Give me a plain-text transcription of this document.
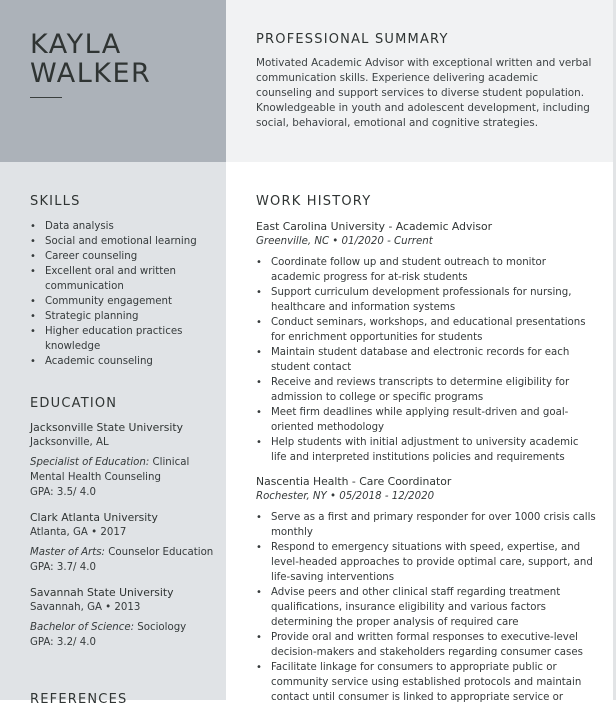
KAYLA
WALKER
PROFESSIONAL SUMMARY
Motivated Academic Advisor with exceptional written and verbal communication skills. Experience delivering academic counseling and support services to diverse student population. Knowledgeable in youth and adolescent development, including social, behavioral, emotional and cognitive strategies.
SKILLS
• Data analysis
• Social and emotional learning
• Career counseling
• Excellent oral and written communication
• Community engagement
• Strategic planning
• Higher education practices knowledge
• Academic counseling
EDUCATION
Jacksonville State University
Jacksonville, AL
Specialist of Education: Clinical Mental Health Counseling
GPA: 3.5/ 4.0
Clark Atlanta University
Atlanta, GA • 2017
Master of Arts: Counselor Education
GPA: 3.7/ 4.0
Savannah State University
Savannah, GA • 2013
Bachelor of Science: Sociology
GPA: 3.2/ 4.0
REFERENCES
WORK HISTORY
East Carolina University - Academic Advisor
Greenville, NC • 01/2020 - Current
• Coordinate follow up and student outreach to monitor academic progress for at-risk students
• Support curriculum development professionals for nursing, healthcare and information systems
• Conduct seminars, workshops, and educational presentations for enrichment opportunities for students
• Maintain student database and electronic records for each student contact
• Receive and reviews transcripts to determine eligibility for admission to college or specific programs
• Meet firm deadlines while applying result-driven and goal-oriented methodology
• Help students with initial adjustment to university academic life and interpreted institutions policies and requirements
Nascentia Health - Care Coordinator
Rochester, NY • 05/2018 - 12/2020
• Serve as a first and primary responder for over 1000 crisis calls monthly
• Respond to emergency situations with speed, expertise, and level-headed approaches to provide optimal care, support, and life-saving interventions
• Advise peers and other clinical staff regarding treatment qualifications, insurance eligibility and various factors determining the proper analysis of required care
• Provide oral and written formal responses to executive-level decision-makers and stakeholders regarding consumer cases
• Facilitate linkage for consumers to appropriate public or community service using established protocols and maintain contact until consumer is linked to appropriate service or
